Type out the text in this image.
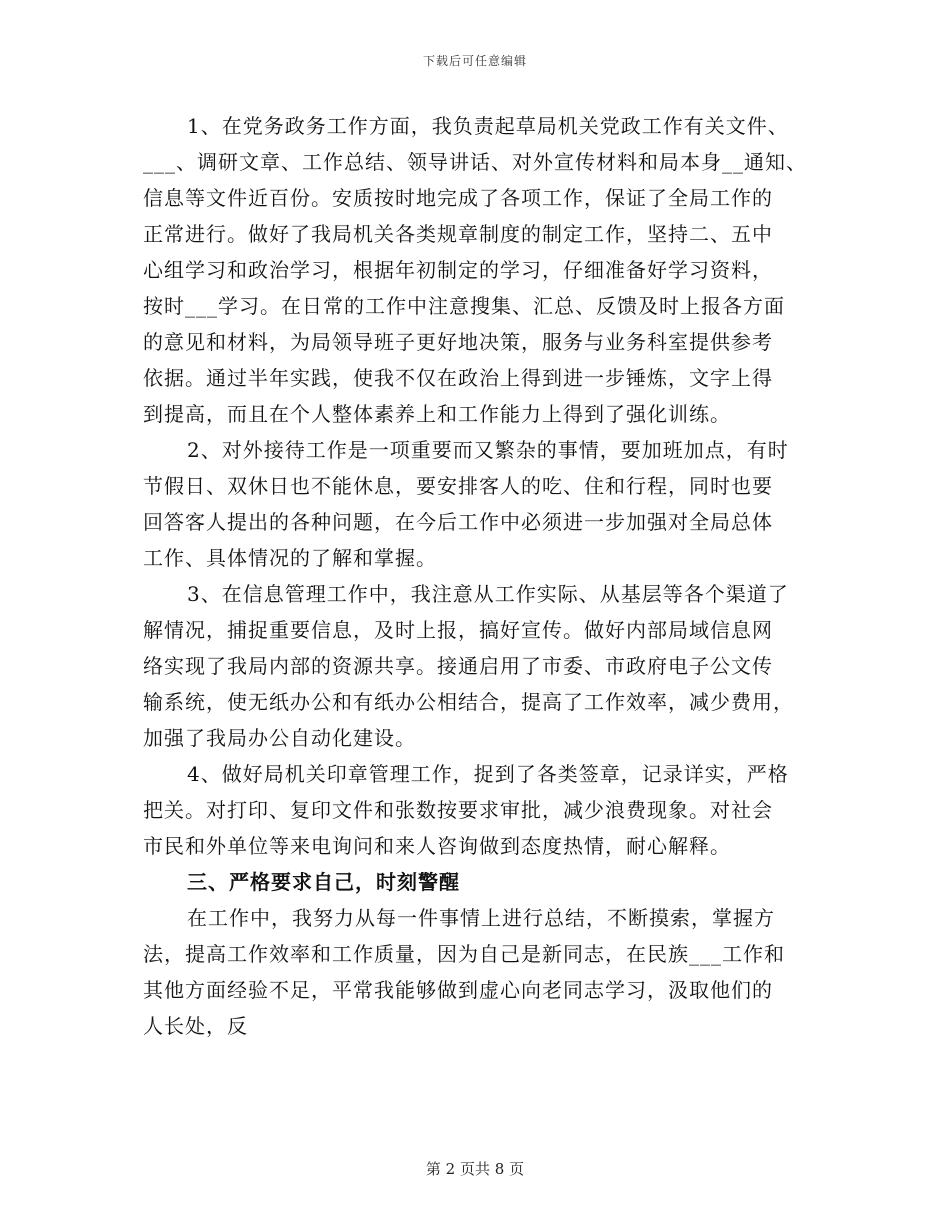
下载后可任意编辑
1、在党务政务工作方面，我负责起草局机关党政工作有关文件、
___、调研文章、工作总结、领导讲话、对外宣传材料和局本身__通知、
信息等文件近百份。安质按时地完成了各项工作，保证了全局工作的
正常进行。做好了我局机关各类规章制度的制定工作，坚持二、五中
心组学习和政治学习，根据年初制定的学习，仔细准备好学习资料，
按时___学习。在日常的工作中注意搜集、汇总、反馈及时上报各方面
的意见和材料，为局领导班子更好地决策，服务与业务科室提供参考
依据。通过半年实践，使我不仅在政治上得到进一步锤炼，文字上得
到提高，而且在个人整体素养上和工作能力上得到了强化训练。
2、对外接待工作是一项重要而又繁杂的事情，要加班加点，有时
节假日、双休日也不能休息，要安排客人的吃、住和行程，同时也要
回答客人提出的各种问题，在今后工作中必须进一步加强对全局总体
工作、具体情况的了解和掌握。
3、在信息管理工作中，我注意从工作实际、从基层等各个渠道了
解情况，捕捉重要信息，及时上报，搞好宣传。做好内部局域信息网
络实现了我局内部的资源共享。接通启用了市委、市政府电子公文传
输系统，使无纸办公和有纸办公相结合，提高了工作效率，减少费用，
加强了我局办公自动化建设。
4、做好局机关印章管理工作，捉到了各类签章，记录详实，严格
把关。对打印、复印文件和张数按要求审批，减少浪费现象。对社会
市民和外单位等来电询问和来人咨询做到态度热情，耐心解释。
三、严格要求自己，时刻警醒
在工作中，我努力从每一件事情上进行总结，不断摸索，掌握方
法，提高工作效率和工作质量，因为自己是新同志，在民族___工作和
其他方面经验不足，平常我能够做到虚心向老同志学习，汲取他们的
人长处，反
第 2 页共 8 页
